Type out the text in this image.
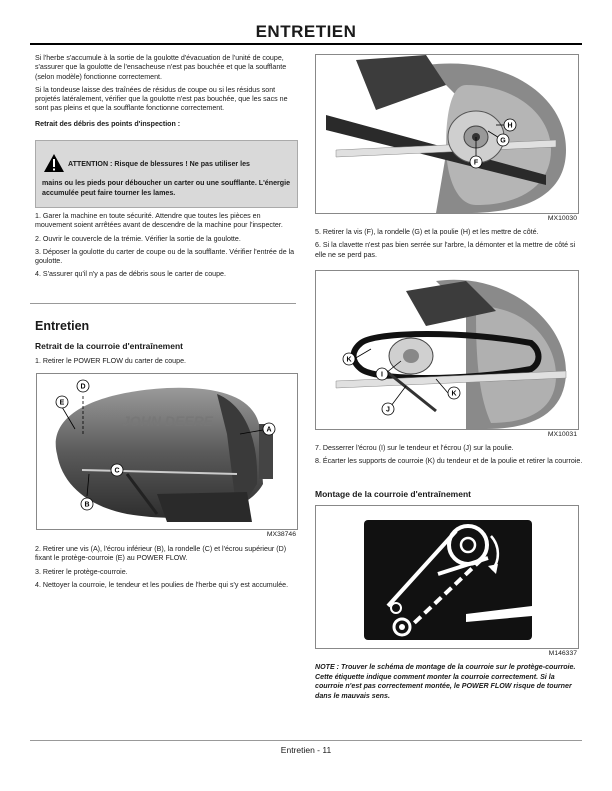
ENTRETIEN

Si l'herbe s'accumule à la sortie de la goulotte d'évacuation de l'unité de coupe, s'assurer que la goulotte de l'ensacheuse n'est pas bouchée et que la soufflante (selon modèle) fonctionne correctement.

Si la tondeuse laisse des traînées de résidus de coupe ou si les résidus sont projetés latéralement, vérifier que la goulotte n'est pas bouchée, que les sacs ne sont pas pleins et que la soufflante fonctionne correctement.

Retrait des débris des points d'inspection :

ATTENTION : Risque de blessures ! Ne pas utiliser les
mains ou les pieds pour déboucher un carter ou une soufflante. L'énergie accumulée peut faire tourner les lames.

1. Garer la machine en toute sécurité. Attendre que toutes les pièces en mouvement soient arrêtées avant de descendre de la machine pour l'inspecter.

2. Ouvrir le couvercle de la trémie. Vérifier la sortie de la goulotte.

3. Déposer la goulotte du carter de coupe ou de la soufflante. Vérifier l'entrée de la goulotte.

4. S'assurer qu'il n'y a pas de débris sous le carter de coupe.

Entretien
Retrait de la courroie d'entraînement
1. Retirer le POWER FLOW du carter de coupe.
JOHN DEERE
D
E
A
C
B
MX38746

2. Retirer une vis (A), l'écrou inférieur (B), la rondelle (C) et l'écrou supérieur (D) fixant le protège-courroie (E) au POWER FLOW.

3. Retirer le protège-courroie.

4. Nettoyer la courroie, le tendeur et les poulies de l'herbe qui s'y est accumulée.

H
G
F
MX10030

5. Retirer la vis (F), la rondelle (G) et la poulie (H) et les mettre de côté.

6. Si la clavette n'est pas bien serrée sur l'arbre, la démonter et la mettre de côté si elle ne se perd pas.

K
I
K
J
MX10031

7. Desserrer l'écrou (I) sur le tendeur et l'écrou (J) sur la poulie.

8. Écarter les supports de courroie (K) du tendeur et de la poulie et retirer la courroie.

Montage de la courroie d'entraînement
M146337
NOTE : Trouver le schéma de montage de la courroie sur le protège-courroie. Cette étiquette indique comment monter la courroie correctement. Si la courroie n'est pas correctement montée, le POWER FLOW risque de tourner dans le mauvais sens.
Entretien - 11
